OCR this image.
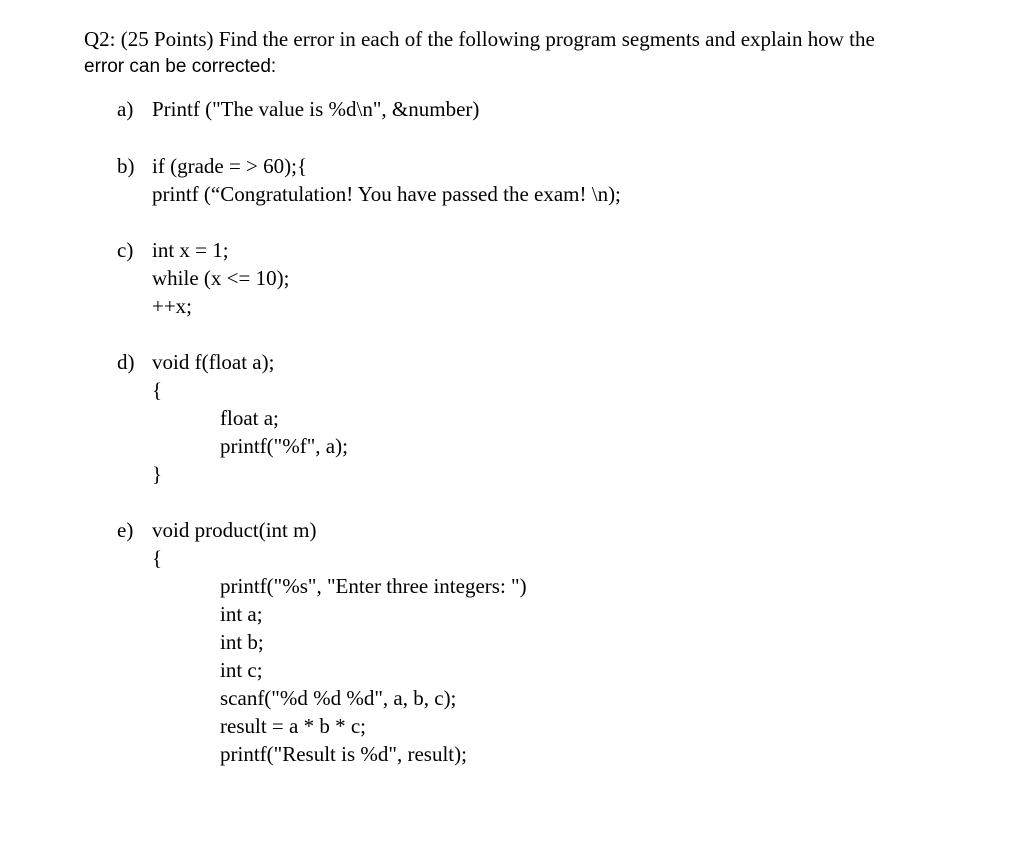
Q2: (25 Points) Find the error in each of the following program segments and explain how the
error can be corrected:
a) Printf ("The value is %d\n", &number)
b) if (grade = > 60);{
printf (“Congratulation! You have passed the exam! \n);
c) int x = 1;
while (x <= 10);
++x;
d) void f(float a);
{
float a;
printf("%f", a);
}
e) void product(int m)
{
printf("%s", "Enter three integers: ")
int a;
int b;
int c;
scanf("%d %d %d", a, b, c);
result = a * b * c;
printf("Result is %d", result);
